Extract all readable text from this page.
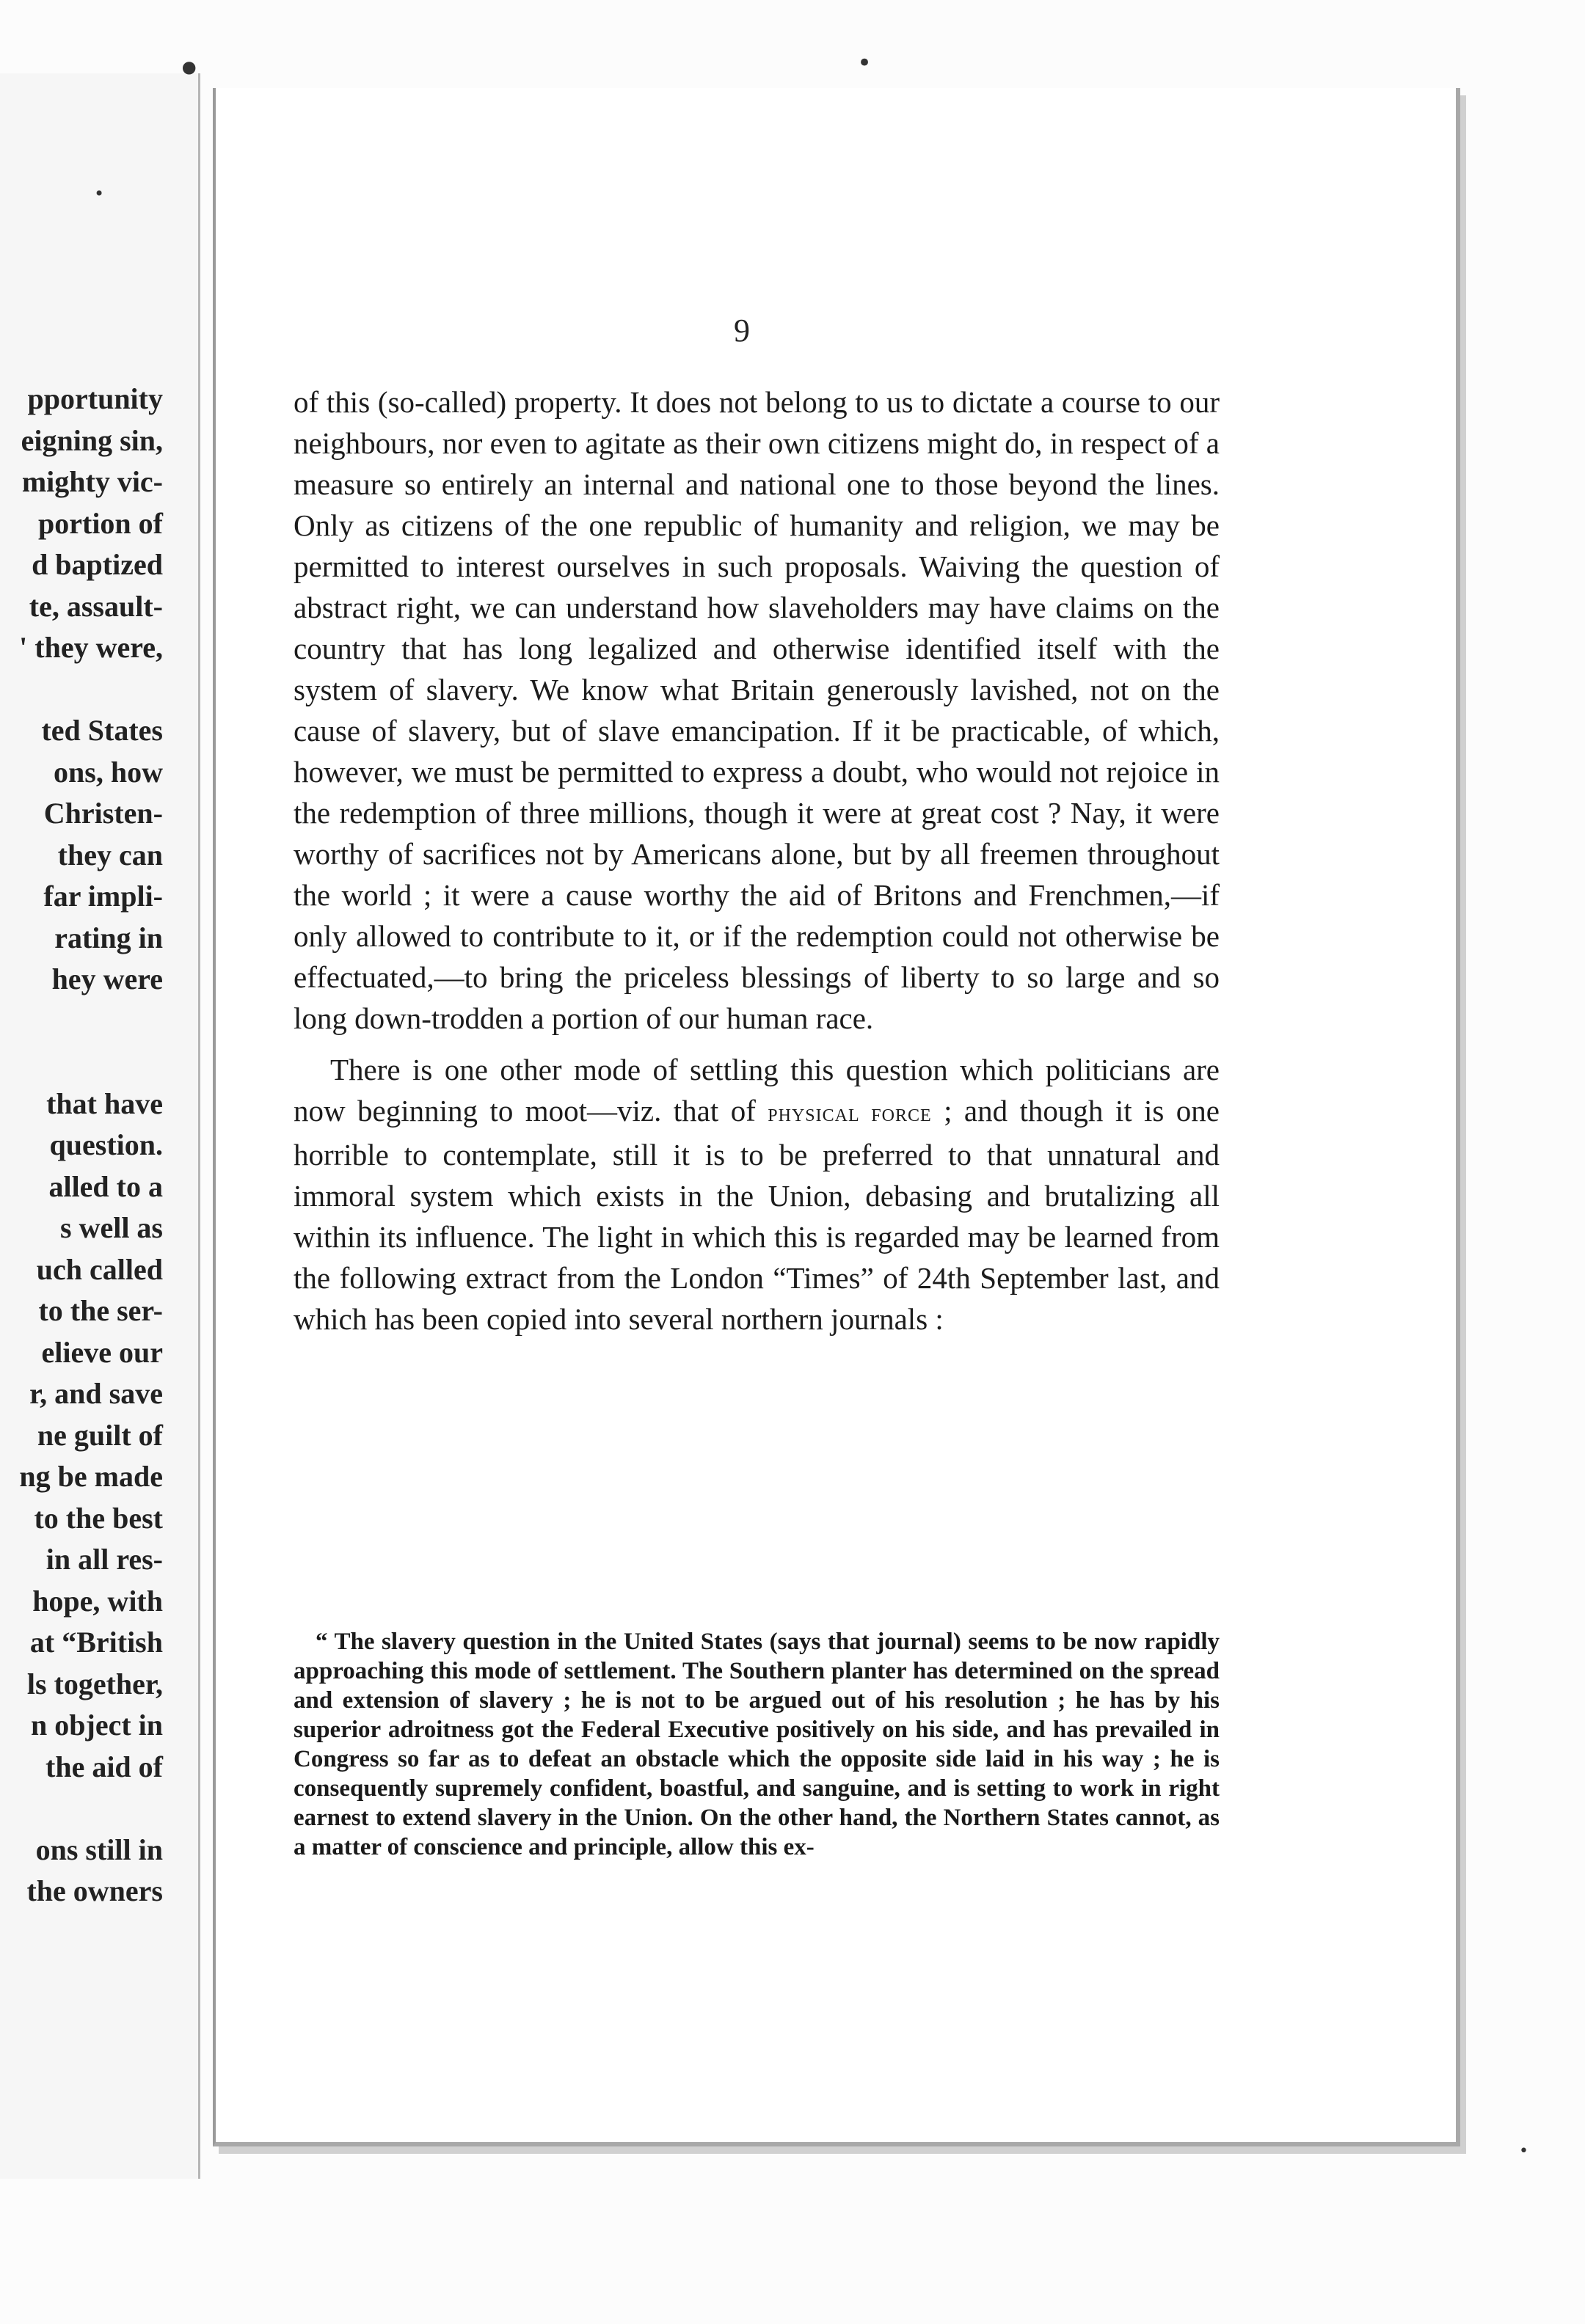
pportunity
eigning sin,
mighty vic-
portion of
d baptized
te, assault-
' they were,
ted States
ons, how
Christen-
they can
far impli-
rating in
hey were
that have
question.
alled to a
s well as
uch called
to the ser-
elieve our
r, and save
ne guilt of
ng be made
to the best
in all res-
hope, with
at “British
ls together,
n object in
the aid of
ons still in
the owners
•	•
•
•
9

of this (so-called) property. It does not belong to us to dictate a course to our neighbours, nor even to agitate as their own citizens might do, in respect of a measure so entirely an internal and national one to those beyond the lines. Only as citizens of the one republic of humanity and religion, we may be permitted to interest ourselves in such proposals. Waiving the question of abstract right, we can understand how slaveholders may have claims on the country that has long legalized and otherwise identified itself with the system of slavery. We know what Britain generously lavished, not on the cause of slavery, but of slave emancipation. If it be practicable, of which, however, we must be permitted to express a doubt, who would not rejoice in the redemption of three millions, though it were at great cost ? Nay, it were worthy of sacrifices not by Americans alone, but by all freemen throughout the world ; it were a cause worthy the aid of Britons and Frenchmen,—if only allowed to contribute to it, or if the redemption could not otherwise be effectuated,—to bring the priceless blessings of liberty to so large and so long down-trodden a portion of our human race.

There is one other mode of settling this question which politicians are now beginning to moot—viz. that of physical force ; and though it is one horrible to contemplate, still it is to be preferred to that unnatural and immoral system which exists in the Union, debasing and brutalizing all within its influence. The light in which this is regarded may be learned from the following extract from the London “Times” of 24th September last, and which has been copied into several northern journals :

“ The slavery question in the United States (says that journal) seems to be now rapidly approaching this mode of settlement. The Southern planter has determined on the spread and extension of slavery ; he is not to be argued out of his resolution ; he has by his superior adroitness got the Federal Executive positively on his side, and has prevailed in Congress so far as to defeat an obstacle which the opposite side laid in his way ; he is consequently supremely confident, boastful, and sanguine, and is setting to work in right earnest to extend slavery in the Union. On the other hand, the Northern States cannot, as a matter of conscience and principle, allow this ex-
